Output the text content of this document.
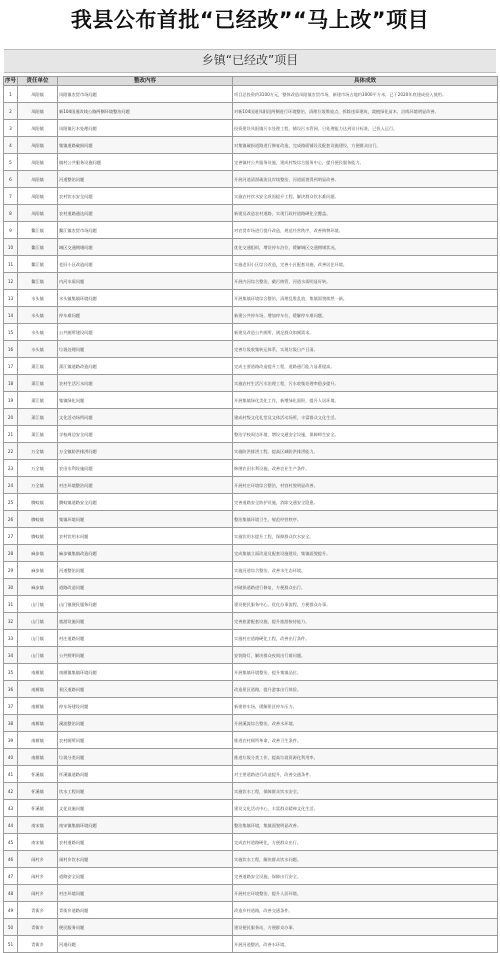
我县公布首批“已经改”“马上改”项目
乡镇“已经改”项目
序号	责任单位	整改内容	具体成效
1	凤阳镇	凤阳镇农贸市场问题	项目总投资约3100万元，整体改造凤阳镇农贸市场，新建市场占地约3000平方米，已于2020年底建成投入使用。
2	凤阳镇	新104国道改线公路两侧环境整治问题	对新104国道凤阳段两侧进行环境整治，清理垃圾堆放点，拆除违章建筑，栽植绿化苗木，沿线环境明显改善。
3	凤阳镇	凤阳镇污水处理问题	投资建设凤阳镇污水处理工程，铺设污水管网，日处理能力达到设计标准，已投入运行。
4	凤阳镇	集镇道路破损问题	对集镇破损道路进行修复改造，完成路面铺设及配套设施建设，方便群众出行。
5	凤阳镇	镇村公共服务设施问题	完善镇村公共服务设施，建成村级综合服务中心，提升便民服务能力。
6	凤阳镇	河道整治问题	开展河道清淤疏浚及岸线整治，河道面貌得到明显改善。
7	凤阳镇	农村饮水安全问题	实施农村饮水安全巩固提升工程，解决群众饮水难问题。
8	凤阳镇	农村道路通达问题	新建及改造农村道路，实现行政村道路硬化全覆盖。
9	鳌江镇	鳌江镇农贸市场问题	对农贸市场进行提升改造，规范经营秩序，改善购物环境。
10	鳌江镇	城区交通拥堵问题	优化交通组织，增设停车泊位，缓解城区交通拥堵状况。
11	鳌江镇	老旧小区改造问题	实施老旧小区综合改造，完善小区配套设施，改善居住环境。
12	鳌江镇	内河水质问题	开展内河综合整治，截污纳管，河道水质明显好转。
13	水头镇	水头镇集镇环境问题	开展集镇环境综合整治，清理乱堆乱放，集镇面貌焕然一新。
14	水头镇	停车难问题	新建公共停车场，增加停车位，缓解停车难问题。
15	水头镇	公共厕所建设问题	新建及改造公共厕所，满足群众如厕需求。
16	水头镇	垃圾处理问题	完善垃圾收集转运体系，实现垃圾日产日清。
17	萧江镇	萧江镇道路改造问题	完成主要道路改造提升工程，道路通行能力显著提高。
18	萧江镇	农村生活污水问题	实施农村生活污水治理工程，污水收集处理率稳步提升。
19	萧江镇	集镇绿化问题	开展集镇绿化美化工作，新增绿化面积，提升人居环境。
20	萧江镇	文化活动场所问题	建成村级文化礼堂及文体活动场所，丰富群众文化生活。
21	萧江镇	学校周边安全问题	整治学校周边环境，增设交通安全设施，保障师生安全。
22	万全镇	万全镇防洪排涝问题	实施防洪排涝工程，提高区域防洪排涝能力。
23	万全镇	农田水利设施问题	修缮农田水利设施，改善农业生产条件。
24	万全镇	村庄环境整治问题	开展村庄环境综合整治，村容村貌明显改善。
25	腾蛟镇	腾蛟镇道路安全问题	完善道路安全防护设施，消除交通安全隐患。
26	腾蛟镇	集镇环境问题	整治集镇环境卫生，规范经营秩序。
27	腾蛟镇	农村饮用水问题	实施饮用水提升工程，保障群众饮水安全。
28	麻步镇	麻步镇集镇改造问题	完成集镇立面改造及配套设施建设，集镇面貌提升。
29	麻步镇	河道整治问题	实施河道综合整治，改善水生态环境。
30	麻步镇	道路改造问题	对破损道路进行修复，方便群众出行。
31	山门镇	山门镇便民服务问题	建设便民服务中心，优化办事流程，方便群众办事。
32	山门镇	旅游设施问题	完善旅游配套设施，提升旅游接待能力。
33	山门镇	村庄道路问题	实施村庄道路硬化工程，改善出行条件。
34	山门镇	公共照明问题	安装路灯，解决群众夜间出行难问题。
35	南雁镇	南雁镇集镇环境问题	开展集镇环境整治，提升集镇品位。
36	南雁镇	景区道路问题	改造景区道路，提升游客出行体验。
37	南雁镇	停车场建设问题	新建停车场，缓解景区停车压力。
38	南雁镇	溪流整治问题	开展溪流综合整治，改善水环境。
39	南雁镇	农村厕所问题	推进农村厕所革命，改善卫生条件。
40	南雁镇	垃圾分类问题	推进垃圾分类工作，提高垃圾资源化利用率。
41	怀溪镇	怀溪镇道路问题	对主要道路进行改造提升，改善交通条件。
42	怀溪镇	饮水工程问题	实施饮水工程，保障群众饮水安全。
43	怀溪镇	文化设施问题	建设文化活动中心，丰富群众精神文化生活。
44	南宋镇	南宋镇集镇环境问题	整治集镇环境，集镇面貌明显改善。
45	南宋镇	农村道路问题	完成农村道路硬化，方便群众出行。
46	闹村乡	闹村乡饮水问题	实施饮水工程，解决群众饮水问题。
47	闹村乡	道路安全问题	完善道路安全设施，保障出行安全。
48	闹村乡	村庄环境问题	开展村庄环境整治，提升人居环境。
49	青街乡	青街乡道路问题	改造乡村道路，改善交通条件。
50	青街乡	便民服务问题	建设便民服务站，方便群众办事。
51	青街乡	河道问题	开展河道整治，改善水环境。
